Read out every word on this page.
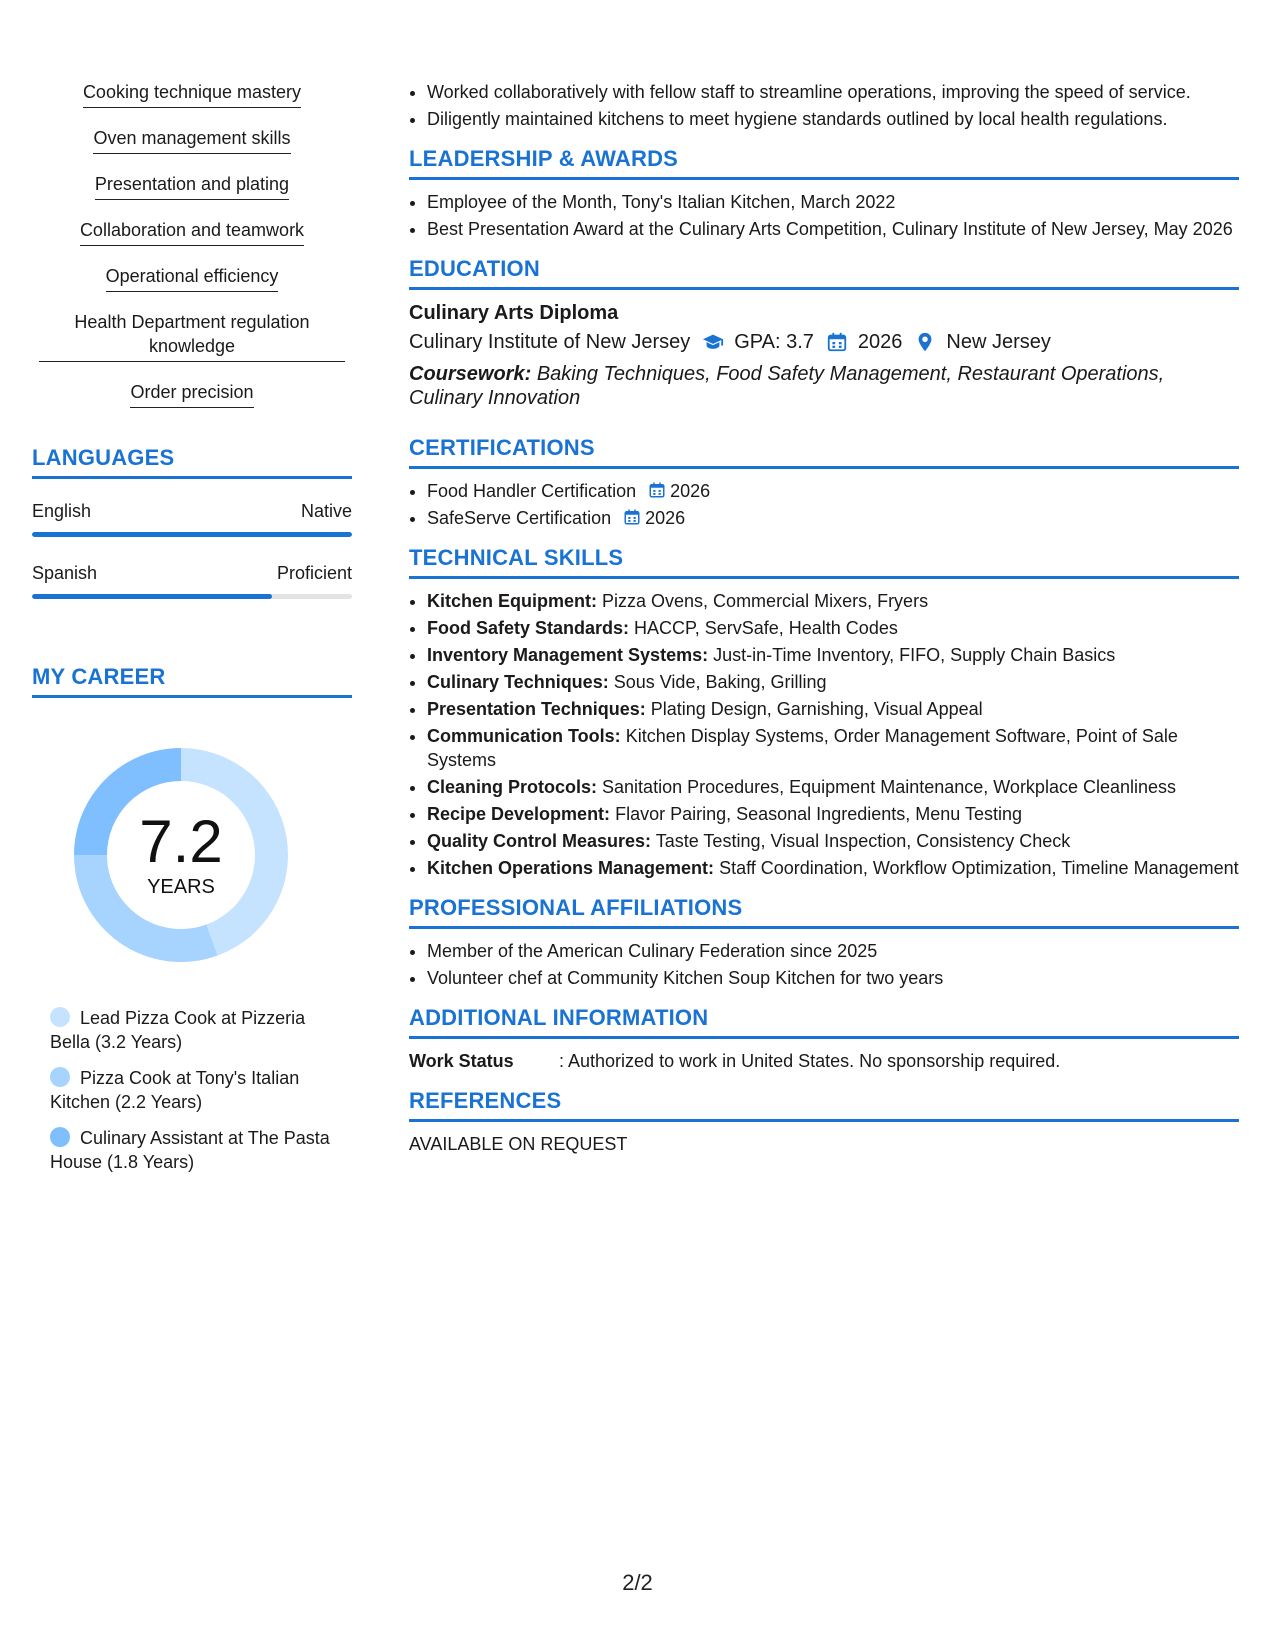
Cooking technique mastery
Oven management skills
Presentation and plating
Collaboration and teamwork
Operational efficiency
Health Department regulation knowledge
Order precision
LANGUAGES
English	Native
Spanish	Proficient
MY CAREER
7.2
YEARS
Lead Pizza Cook at Pizzeria Bella (3.2 Years)
Pizza Cook at Tony's Italian Kitchen (2.2 Years)
Culinary Assistant at The Pasta House (1.8 Years)
• Worked collaboratively with fellow staff to streamline operations, improving the speed of service.
• Diligently maintained kitchens to meet hygiene standards outlined by local health regulations.
LEADERSHIP & AWARDS
• Employee of the Month, Tony's Italian Kitchen, March 2022
• Best Presentation Award at the Culinary Arts Competition, Culinary Institute of New Jersey, May 2026
EDUCATION
Culinary Arts Diploma
Culinary Institute of New Jersey GPA: 3.7 2026 New Jersey
Coursework: Baking Techniques, Food Safety Management, Restaurant Operations, Culinary Innovation
CERTIFICATIONS
• Food Handler Certification 2026
• SafeServe Certification 2026
TECHNICAL SKILLS
• Kitchen Equipment: Pizza Ovens, Commercial Mixers, Fryers
• Food Safety Standards: HACCP, ServSafe, Health Codes
• Inventory Management Systems: Just-in-Time Inventory, FIFO, Supply Chain Basics
• Culinary Techniques: Sous Vide, Baking, Grilling
• Presentation Techniques: Plating Design, Garnishing, Visual Appeal
• Communication Tools: Kitchen Display Systems, Order Management Software, Point of Sale Systems
• Cleaning Protocols: Sanitation Procedures, Equipment Maintenance, Workplace Cleanliness
• Recipe Development: Flavor Pairing, Seasonal Ingredients, Menu Testing
• Quality Control Measures: Taste Testing, Visual Inspection, Consistency Check
• Kitchen Operations Management: Staff Coordination, Workflow Optimization, Timeline Management
PROFESSIONAL AFFILIATIONS
• Member of the American Culinary Federation since 2025
• Volunteer chef at Community Kitchen Soup Kitchen for two years
ADDITIONAL INFORMATION
Work Status	: Authorized to work in United States. No sponsorship required.
REFERENCES
AVAILABLE ON REQUEST
2/2
